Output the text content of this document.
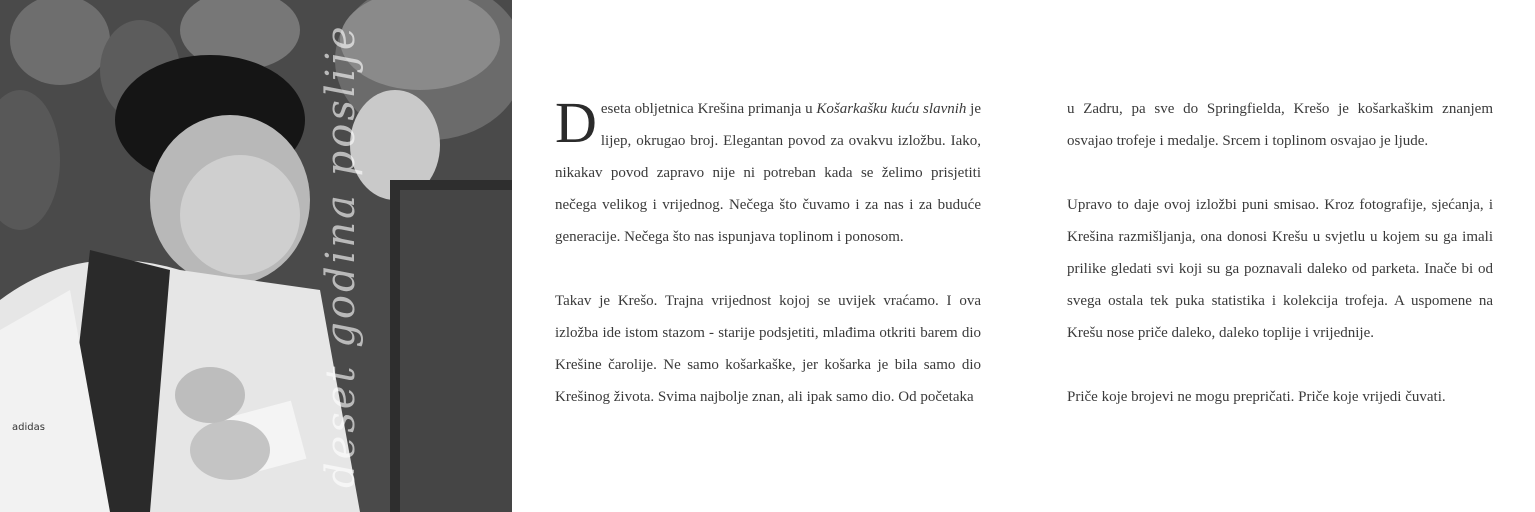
adidas	deset godina poslije	Deseta obljetnica Krešina primanja u Košarkašku kuću slavnih je lijep, okrugao broj. Elegantan povod za ovakvu izložbu. Iako, nikakav povod zapravo nije ni potreban kada se želimo prisjetiti nečega velikog i vrijednog. Nečega što čuvamo i za nas i za buduće generacije. Nečega što nas ispunjava toplinom i ponosom.

Takav je Krešo. Trajna vrijednost kojoj se uvijek vraćamo. I ova izložba ide istom stazom - starije podsjetiti, mlađima otkriti barem dio Krešine čarolije. Ne samo košarkaške, jer košarka je bila samo dio Krešinog života. Svima najbolje znan, ali ipak samo dio. Od početaka

u Zadru, pa sve do Springfielda, Krešo je košarkaškim znanjem osvajao trofeje i medalje. Srcem i toplinom osvajao je ljude.

Upravo to daje ovoj izložbi puni smisao. Kroz fotografije, sjećanja, i Krešina razmišljanja, ona donosi Krešu u svjetlu u kojem su ga imali prilike gledati svi koji su ga poznavali daleko od parketa. Inače bi od svega ostala tek puka statistika i kolekcija trofeja. A uspomene na Krešu nose priče daleko, daleko toplije i vrijednije.

Priče koje brojevi ne mogu prepričati. Priče koje vrijedi čuvati.
